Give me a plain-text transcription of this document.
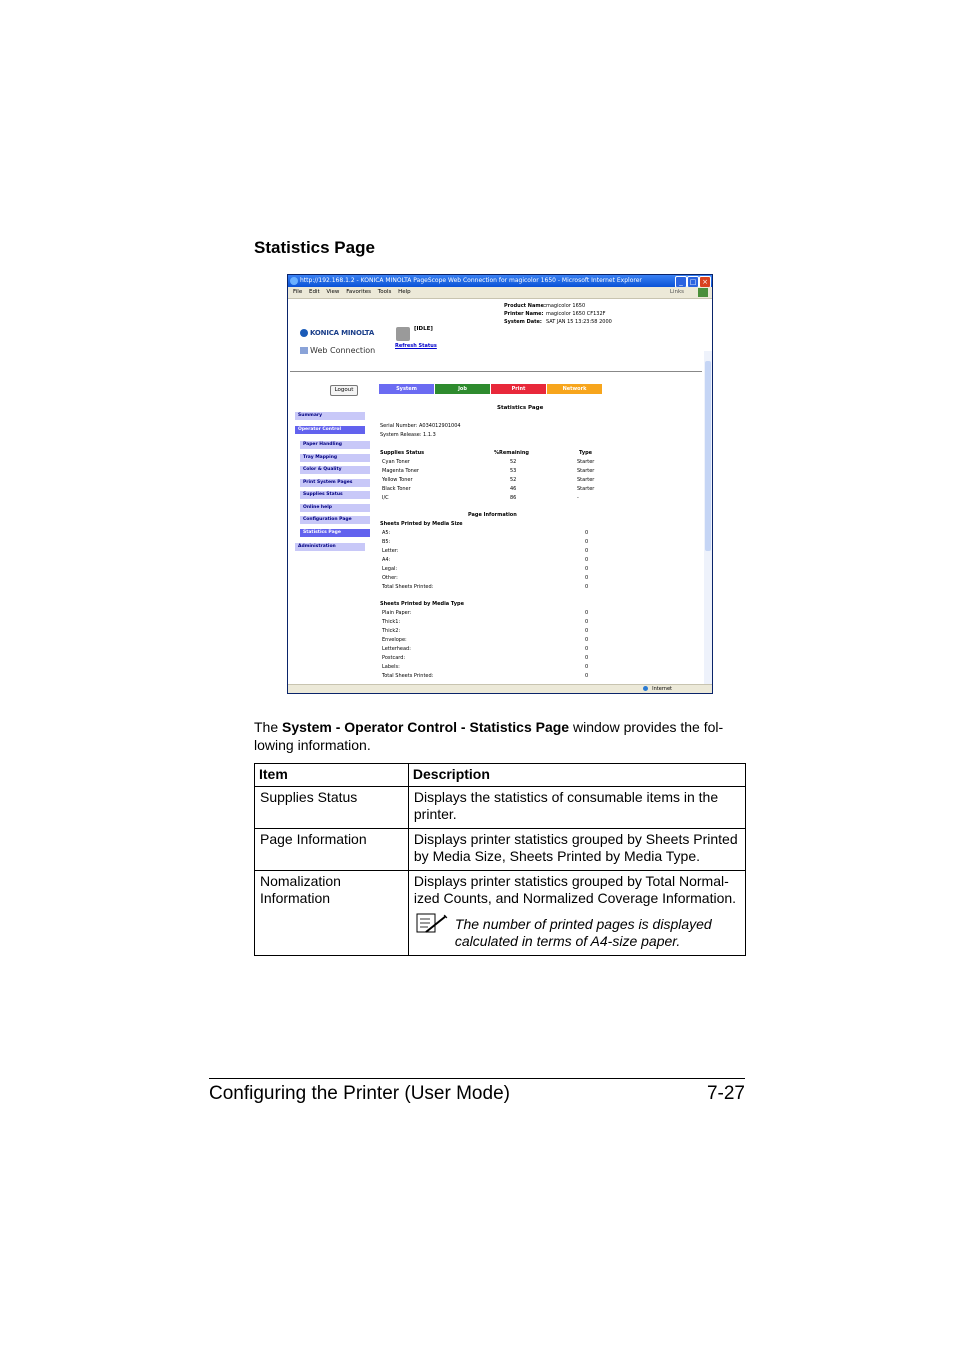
Statistics Page
http://192.168.1.2 - KONICA MINOLTA PageScope Web Connection for magicolor 1650 - Microsoft Internet Explorer	_ □ ×
File Edit View Favorites Tools Help	Links
KONICA MINOLTA
Web Connection
[IDLE]
Refresh Status
Product Name:magicolor 1650
Printer Name: magicolor 1650 CF132F
System Date: SAT JAN 15 13:23:58 2000
Logout	System	Job	Print	Network
Summary
Operator Control
Paper Handling
Tray Mapping
Color & Quality
Print System Pages
Supplies Status
Online help
Configuration Page
Statistics Page
Administration
Statistics Page
Serial Number: A034012901004
System Release: 1.1.3
Supplies Status	%Remaining	Type
Cyan Toner	52	Starter
Magenta Toner	53	Starter
Yellow Toner	52	Starter
Black Toner	46	Starter
I/C	86	-
Page Information
Sheets Printed by Media Size
A5:	0
B5:	0
Letter:	0
A4:	0
Legal:	0
Other:	0
Total Sheets Printed:	0
Sheets Printed by Media Type
Plain Paper:	0
Thick1:	0
Thick2:	0
Envelope:	0
Letterhead:	0
Postcard:	0
Labels:	0
Total Sheets Printed:	0
Internet
The System - Operator Control - Statistics Page window provides the fol-lowing information.
Item	Description
Supplies Status	Displays the statistics of consumable items in the printer.
Page Information	Displays printer statistics grouped by Sheets Printed by Media Size, Sheets Printed by Media Type.
Nomalization Information	Displays printer statistics grouped by Total Normal-ized Counts, and Normalized Coverage Information.
The number of printed pages is displayed calculated in terms of A4-size paper.
Configuring the Printer (User Mode)	7-27
